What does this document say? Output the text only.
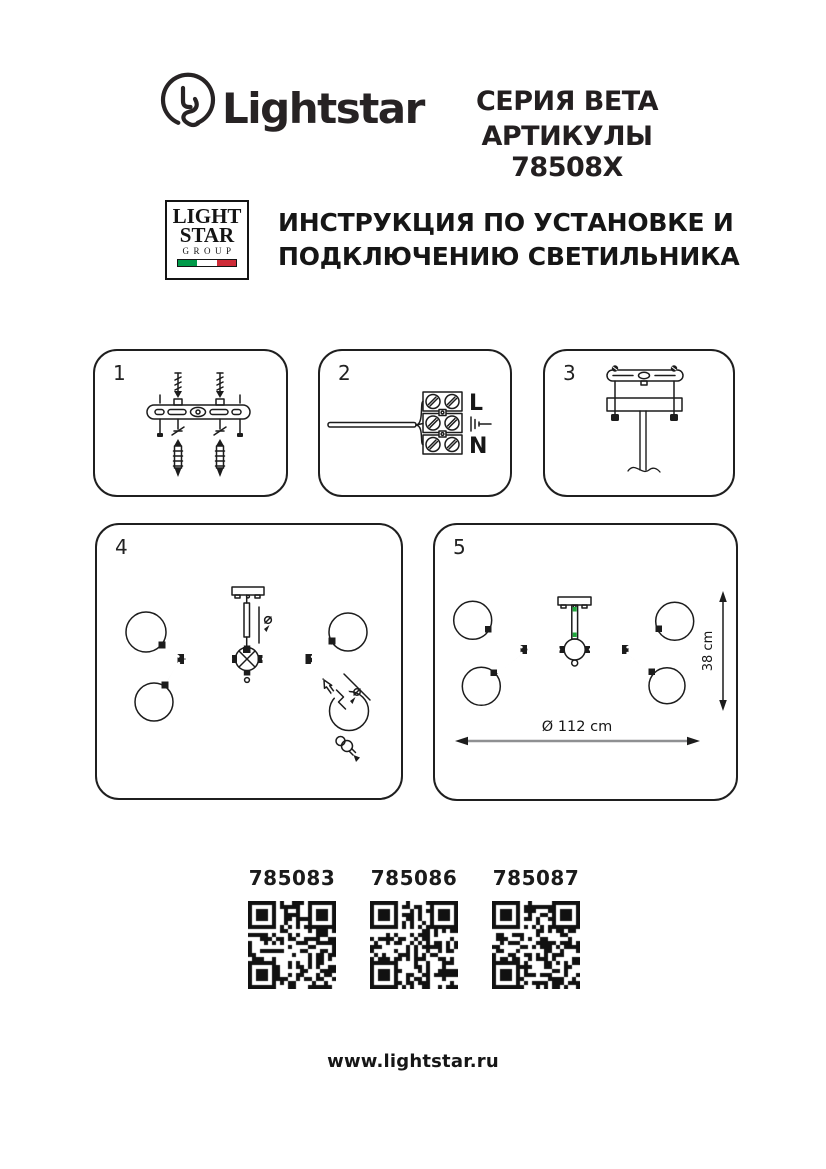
Lightstar	СЕРИЯ BETA
АРТИКУЛЫ 78508X
LIGHT
STAR
GROUP
ИНСТРУКЦИЯ ПО УСТАНОВКЕ И
ПОДКЛЮЧЕНИЮ СВЕТИЛЬНИКА
1
L
N
2	3
4
38 cm
Ø 112 cm
5
785083 785086 785087
www.lightstar.ru
